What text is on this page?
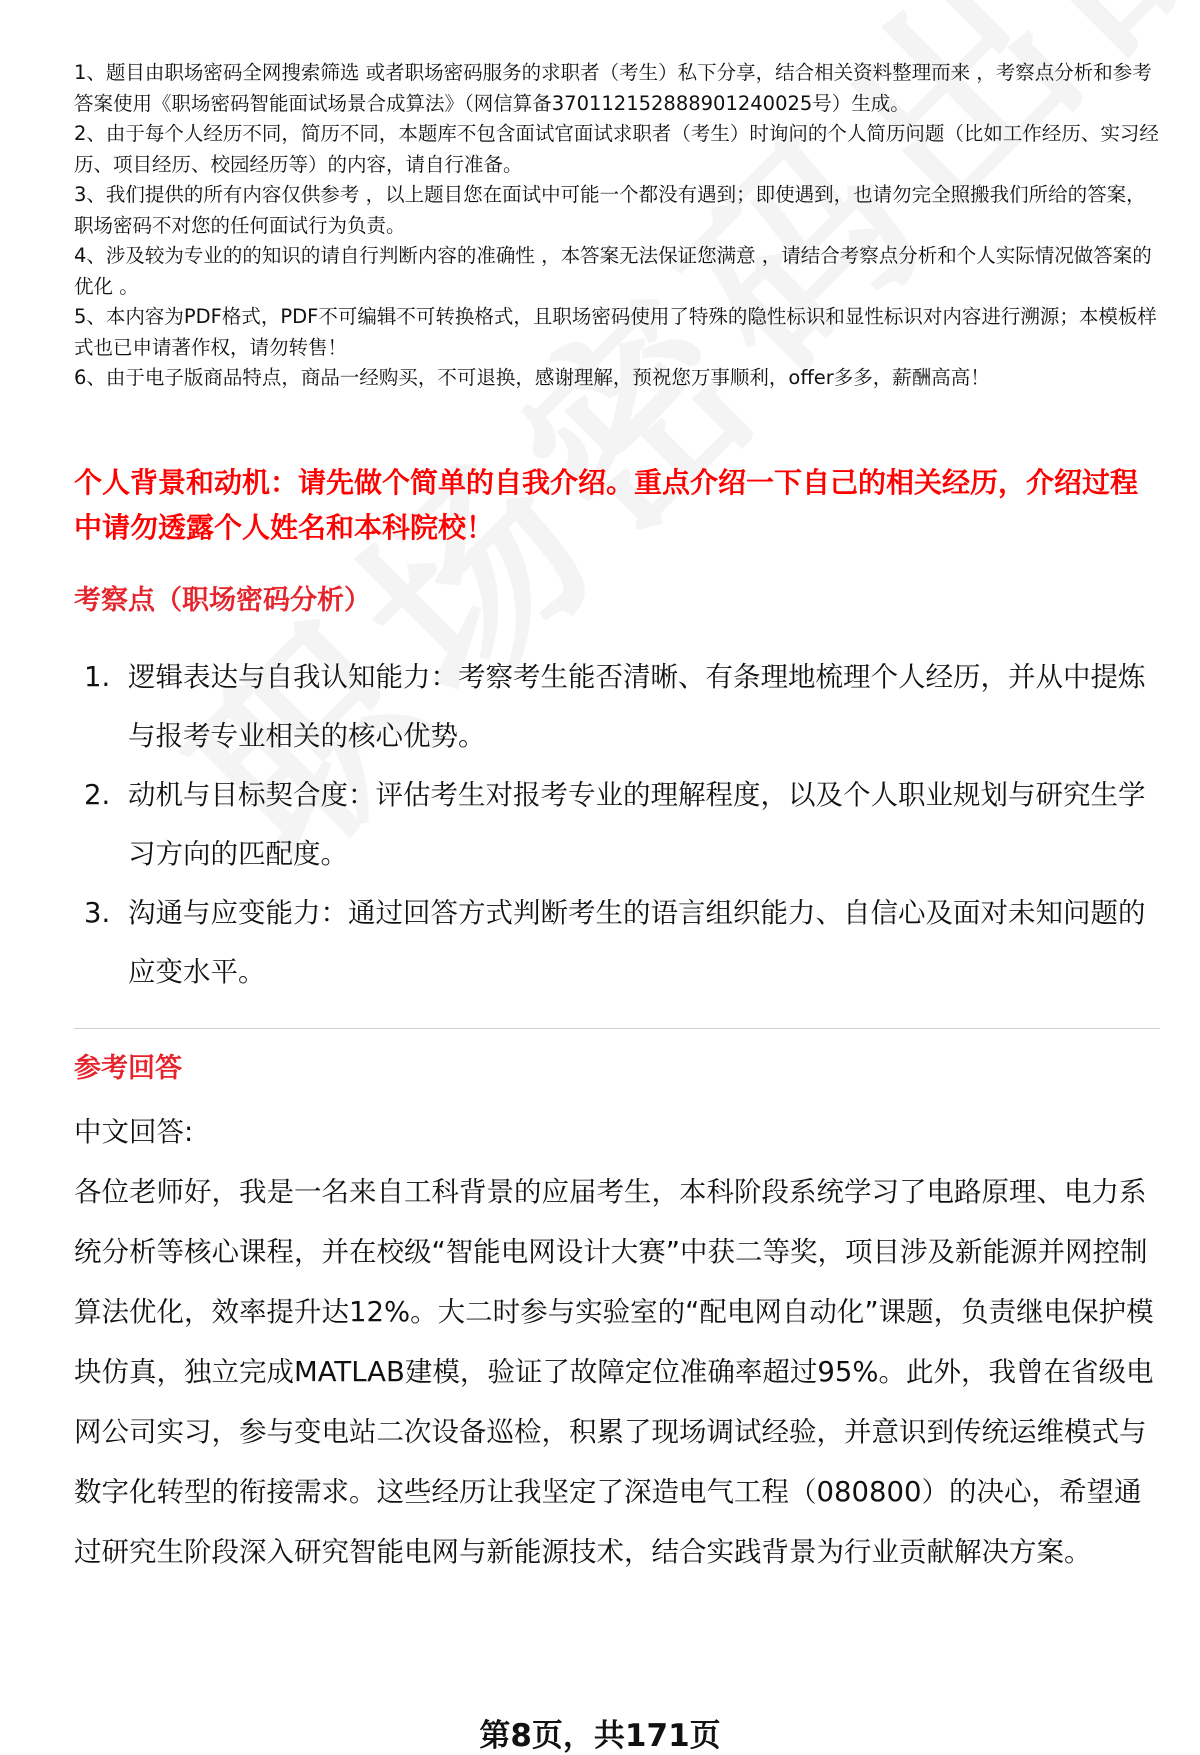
1、题目由职场密码全网搜索筛选 或者职场密码服务的求职者（考生）私下分享，结合相关资料整理而来 ，考察点分析和参考答案使用《职场密码智能面试场景合成算法》（网信算备370112152888901240025号）生成。

2、由于每个人经历不同，简历不同，本题库不包含面试官面试求职者（考生）时询问的个人简历问题（比如工作经历、实习经历、项目经历、校园经历等）的内容，请自行准备。

3、我们提供的所有内容仅供参考 ，以上题目您在面试中可能一个都没有遇到；即使遇到，也请勿完全照搬我们所给的答案，职场密码不对您的任何面试行为负责。

4、涉及较为专业的的知识的请自行判断内容的准确性 ，本答案无法保证您满意 ，请结合考察点分析和个人实际情况做答案的优化 。

5、本内容为PDF格式，PDF不可编辑不可转换格式，且职场密码使用了特殊的隐性标识和显性标识对内容进行溯源；本模板样式也已申请著作权，请勿转售！

6、由于电子版商品特点，商品一经购买，不可退换，感谢理解，预祝您万事顺利，offer多多，薪酬高高！

个人背景和动机：请先做个简单的自我介绍。重点介绍一下自己的相关经历，介绍过程中请勿透露个人姓名和本科院校！
考察点（职场密码分析）
1. 逻辑表达与自我认知能力：考察考生能否清晰、有条理地梳理个人经历，并从中提炼与报考专业相关的核心优势。
2. 动机与目标契合度：评估考生对报考专业的理解程度，以及个人职业规划与研究生学习方向的匹配度。
3. 沟通与应变能力：通过回答方式判断考生的语言组织能力、自信心及面对未知问题的应变水平。
参考回答

中文回答:

各位老师好，我是一名来自工科背景的应届考生，本科阶段系统学习了电路原理、电力系统分析等核心课程，并在校级“智能电网设计大赛”中获二等奖，项目涉及新能源并网控制算法优化，效率提升达12%。大二时参与实验室的“配电网自动化”课题，负责继电保护模块仿真，独立完成MATLAB建模，验证了故障定位准确率超过95%。此外，我曾在省级电网公司实习，参与变电站二次设备巡检，积累了现场调试经验，并意识到传统运维模式与数字化转型的衔接需求。这些经历让我坚定了深造电气工程（080800）的决心，希望通过研究生阶段深入研究智能电网与新能源技术，结合实践背景为行业贡献解决方案。

第8页，共171页
